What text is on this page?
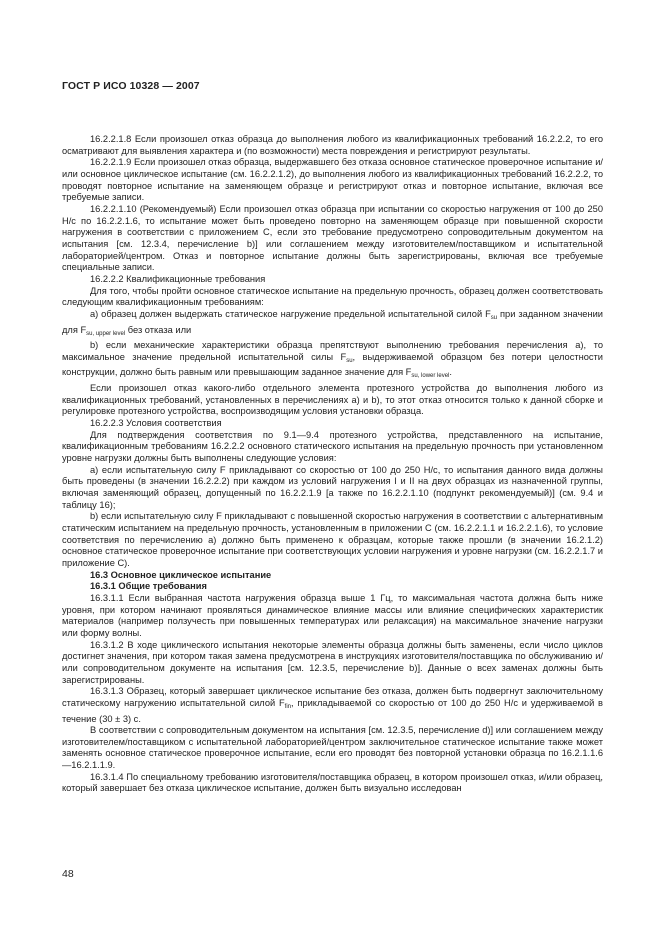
ГОСТ Р ИСО 10328 — 2007

16.2.2.1.8 Если произошел отказ образца до выполнения любого из квалификационных требований 16.2.2.2, то его осматривают для выявления характера и (по возможности) места повреждения и регистрируют результаты.

16.2.2.1.9 Если произошел отказ образца, выдержавшего без отказа основное статическое проверочное испытание и/или основное циклическое испытание (см. 16.2.2.1.2), до выполнения любого из квалификационных требований 16.2.2.2, то проводят повторное испытание на заменяющем образце и регистрируют отказ и повторное испытание, включая все требуемые записи.

16.2.2.1.10 (Рекомендуемый) Если произошел отказ образца при испытании со скоростью нагружения от 100 до 250 Н/с по 16.2.2.1.6, то испытание может быть проведено повторно на заменяющем образце при повышенной скорости нагружения в соответствии с приложением С, если это требование предусмотрено сопроводительным документом на испытания [см. 12.3.4, перечисление b)] или соглашением между изготовителем/поставщиком и испытательной лабораторией/центром. Отказ и повторное испытание должны быть зарегистрированы, включая все требуемые специальные записи.

16.2.2.2 Квалификационные требования

Для того, чтобы пройти основное статическое испытание на предельную прочность, образец должен соответствовать следующим квалификационным требованиям:

a) образец должен выдержать статическое нагружение предельной испытательной силой $F_{su}$ при заданном значении для $F_{su, upper level}$ без отказа или

b) если механические характеристики образца препятствуют выполнению требования перечисления a), то максимальное значение предельной испытательной силы $F_{su}$, выдерживаемой образцом без потери целостности конструкции, должно быть равным или превышающим заданное значение для $F_{su, lower level}$.

Если произошел отказ какого-либо отдельного элемента протезного устройства до выполнения любого из квалификационных требований, установленных в перечислениях a) и b), то этот отказ относится только к данной сборке и регулировке протезного устройства, воспроизводящим условия установки образца.

16.2.2.3 Условия соответствия

Для подтверждения соответствия по 9.1—9.4 протезного устройства, представленного на испытание, квалификационным требованиям 16.2.2.2 основного статического испытания на предельную прочность при установленном уровне нагрузки должны быть выполнены следующие условия:

a) если испытательную силу F прикладывают со скоростью от 100 до 250 Н/с, то испытания данного вида должны быть проведены (в значении 16.2.2.2) при каждом из условий нагружения I и II на двух образцах из назначенной группы, включая заменяющий образец, допущенный по 16.2.2.1.9 [а также по 16.2.2.1.10 (подпункт рекомендуемый)] (см. 9.4 и таблицу 16);

b) если испытательную силу F прикладывают с повышенной скоростью нагружения в соответствии с альтернативным статическим испытанием на предельную прочность, установленным в приложении С (см. 16.2.2.1.1 и 16.2.2.1.6), то условие соответствия по перечислению a) должно быть применено к образцам, которые также прошли (в значении 16.2.1.2) основное статическое проверочное испытание при соответствующих условии нагружения и уровне нагрузки (см. 16.2.2.1.7 и приложение С).

16.3 Основное циклическое испытание

16.3.1 Общие требования

16.3.1.1 Если выбранная частота нагружения образца выше 1 Гц, то максимальная частота должна быть ниже уровня, при котором начинают проявляться динамическое влияние массы или влияние специфических характеристик материалов (например ползучесть при повышенных температурах или релаксация) на максимальное значение нагрузки или форму волны.

16.3.1.2 В ходе циклического испытания некоторые элементы образца должны быть заменены, если число циклов достигнет значения, при котором такая замена предусмотрена в инструкциях изготовителя/поставщика по обслуживанию и/или сопроводительном документе на испытания [см. 12.3.5, перечисление b)]. Данные о всех заменах должны быть зарегистрированы.

16.3.1.3 Образец, который завершает циклическое испытание без отказа, должен быть подвергнут заключительному статическому нагружению испытательной силой $F_{fin}$, прикладываемой со скоростью от 100 до 250 Н/с и удерживаемой в течение (30 ± 3) с.

В соответствии с сопроводительным документом на испытания [см. 12.3.5, перечисление d)] или соглашением между изготовителем/поставщиком с испытательной лабораторией/центром заключительное статическое испытание также может заменять основное статическое проверочное испытание, если его проводят без повторной установки образца по 16.2.1.1.6—16.2.1.1.9.

16.3.1.4 По специальному требованию изготовителя/поставщика образец, в котором произошел отказ, и/или образец, который завершает без отказа циклическое испытание, должен быть визуально исследован

48
